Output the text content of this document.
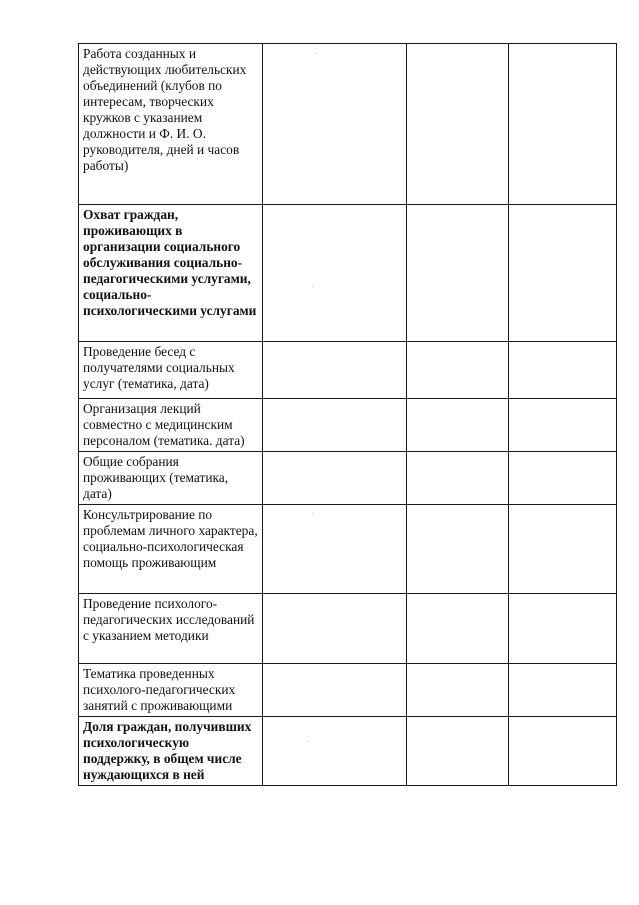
Работа созданных и действующих любительских объединений (клубов по интересам, творческих кружков с указанием должности и Ф. И. О. руководителя, дней и часов работы)			
Охват граждан, проживающих в организации социального обслуживания социально-педагогическими услугами, социально-психологическими услугами			
Проведение бесед с получателями социальных услуг (тематика, дата)			
Организация лекций совместно с медицинским персоналом (тематика. дата)			
Общие собрания проживающих (тематика, дата)			
Консультрирование по проблемам личного характера, социально-психологическая помощь проживающим			
Проведение психолого-педагогических исследований с указанием методики			
Тематика проведенных психолого-педагогических занятий с проживающими			
Доля граждан, получивших психологическую поддержку, в общем числе нуждающихся в ней			
